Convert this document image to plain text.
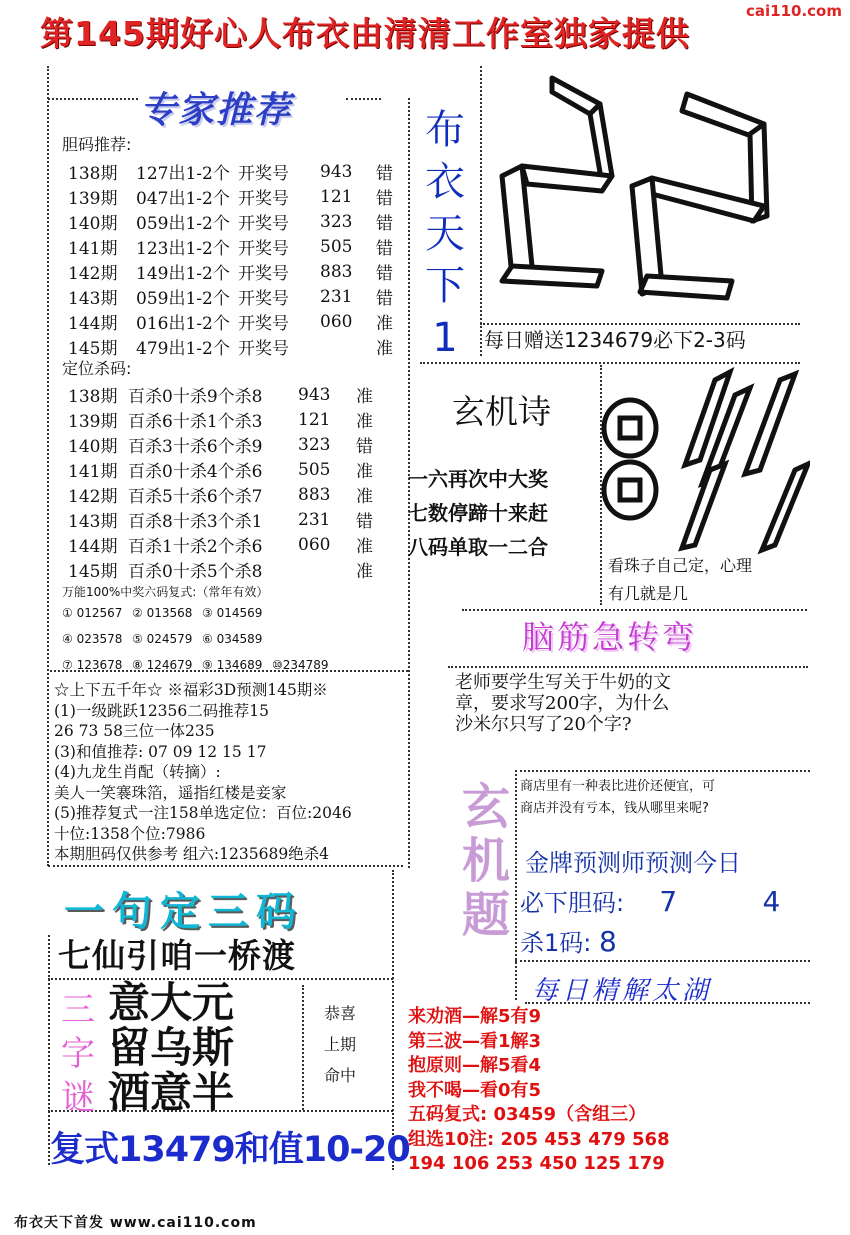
第145期好心人布衣由清清工作室独家提供
cai110.com
专家推荐
胆码推荐:
138期	127出1-2个	开奖号	943	错
139期	047出1-2个	开奖号	121	错
140期	059出1-2个	开奖号	323	错
141期	123出1-2个	开奖号	505	错
142期	149出1-2个	开奖号	883	错
143期	059出1-2个	开奖号	231	错
144期	016出1-2个	开奖号	060	准
145期	479出1-2个	开奖号		准
定位杀码:
138期	百杀0十杀9个杀8	943	准
139期	百杀6十杀1个杀3	121	准
140期	百杀3十杀6个杀9	323	错
141期	百杀0十杀4个杀6	505	准
142期	百杀5十杀6个杀7	883	准
143期	百杀8十杀3个杀1	231	错
144期	百杀1十杀2个杀6	060	准
145期	百杀0十杀5个杀8		准
万能100%中奖六码复式:（常年有效）
① 012567 ② 013568 ③ 014569
④ 023578 ⑤ 024579 ⑥ 034589
⑦ 123678 ⑧ 124679 ⑨ 134689 ⑩234789
☆上下五千年☆ ※福彩3D预测145期※
(1)一级跳跃12356二码推荐15
26 73 58三位一体235
(3)和值推荐: 07 09 12 15 17
(4)九龙生肖配（转摘）:
美人一笑褰珠箔，遥指红楼是妾家
(5)推荐复式一注158单选定位：百位:2046
十位:1358个位:7986
本期胆码仅供参考 组六:1235689绝杀4
一句定三码
七仙引咱一桥渡
三
字
谜
意大元
留乌斯
酒意半
恭喜
上期
命中
复式13479和值10-20
布
衣
天
下
1	每日赠送1234679必下2-3码
玄机诗
一六再次中大奖
七数停蹄十来赶
八码单取一二合
看珠子自己定，心理
有几就是几
脑筋急转弯
老师要学生写关于牛奶的文
章，要求写200字，为什么
沙米尔只写了20个字?
玄
机
题
商店里有一种表比进价还便宜，可
商店并没有亏本，钱从哪里来呢?
金牌预测师预测今日
必下胆码: 7	4
杀1码: 8
每日精解太湖
来劝酒—解5有9
第三波—看1解3
抱原则—解5看4
我不喝—看0有5
五码复式: 03459（含组三）
组选10注: 205 453 479 568
194 106 253 450 125 179
布衣天下首发 www.cai110.com
